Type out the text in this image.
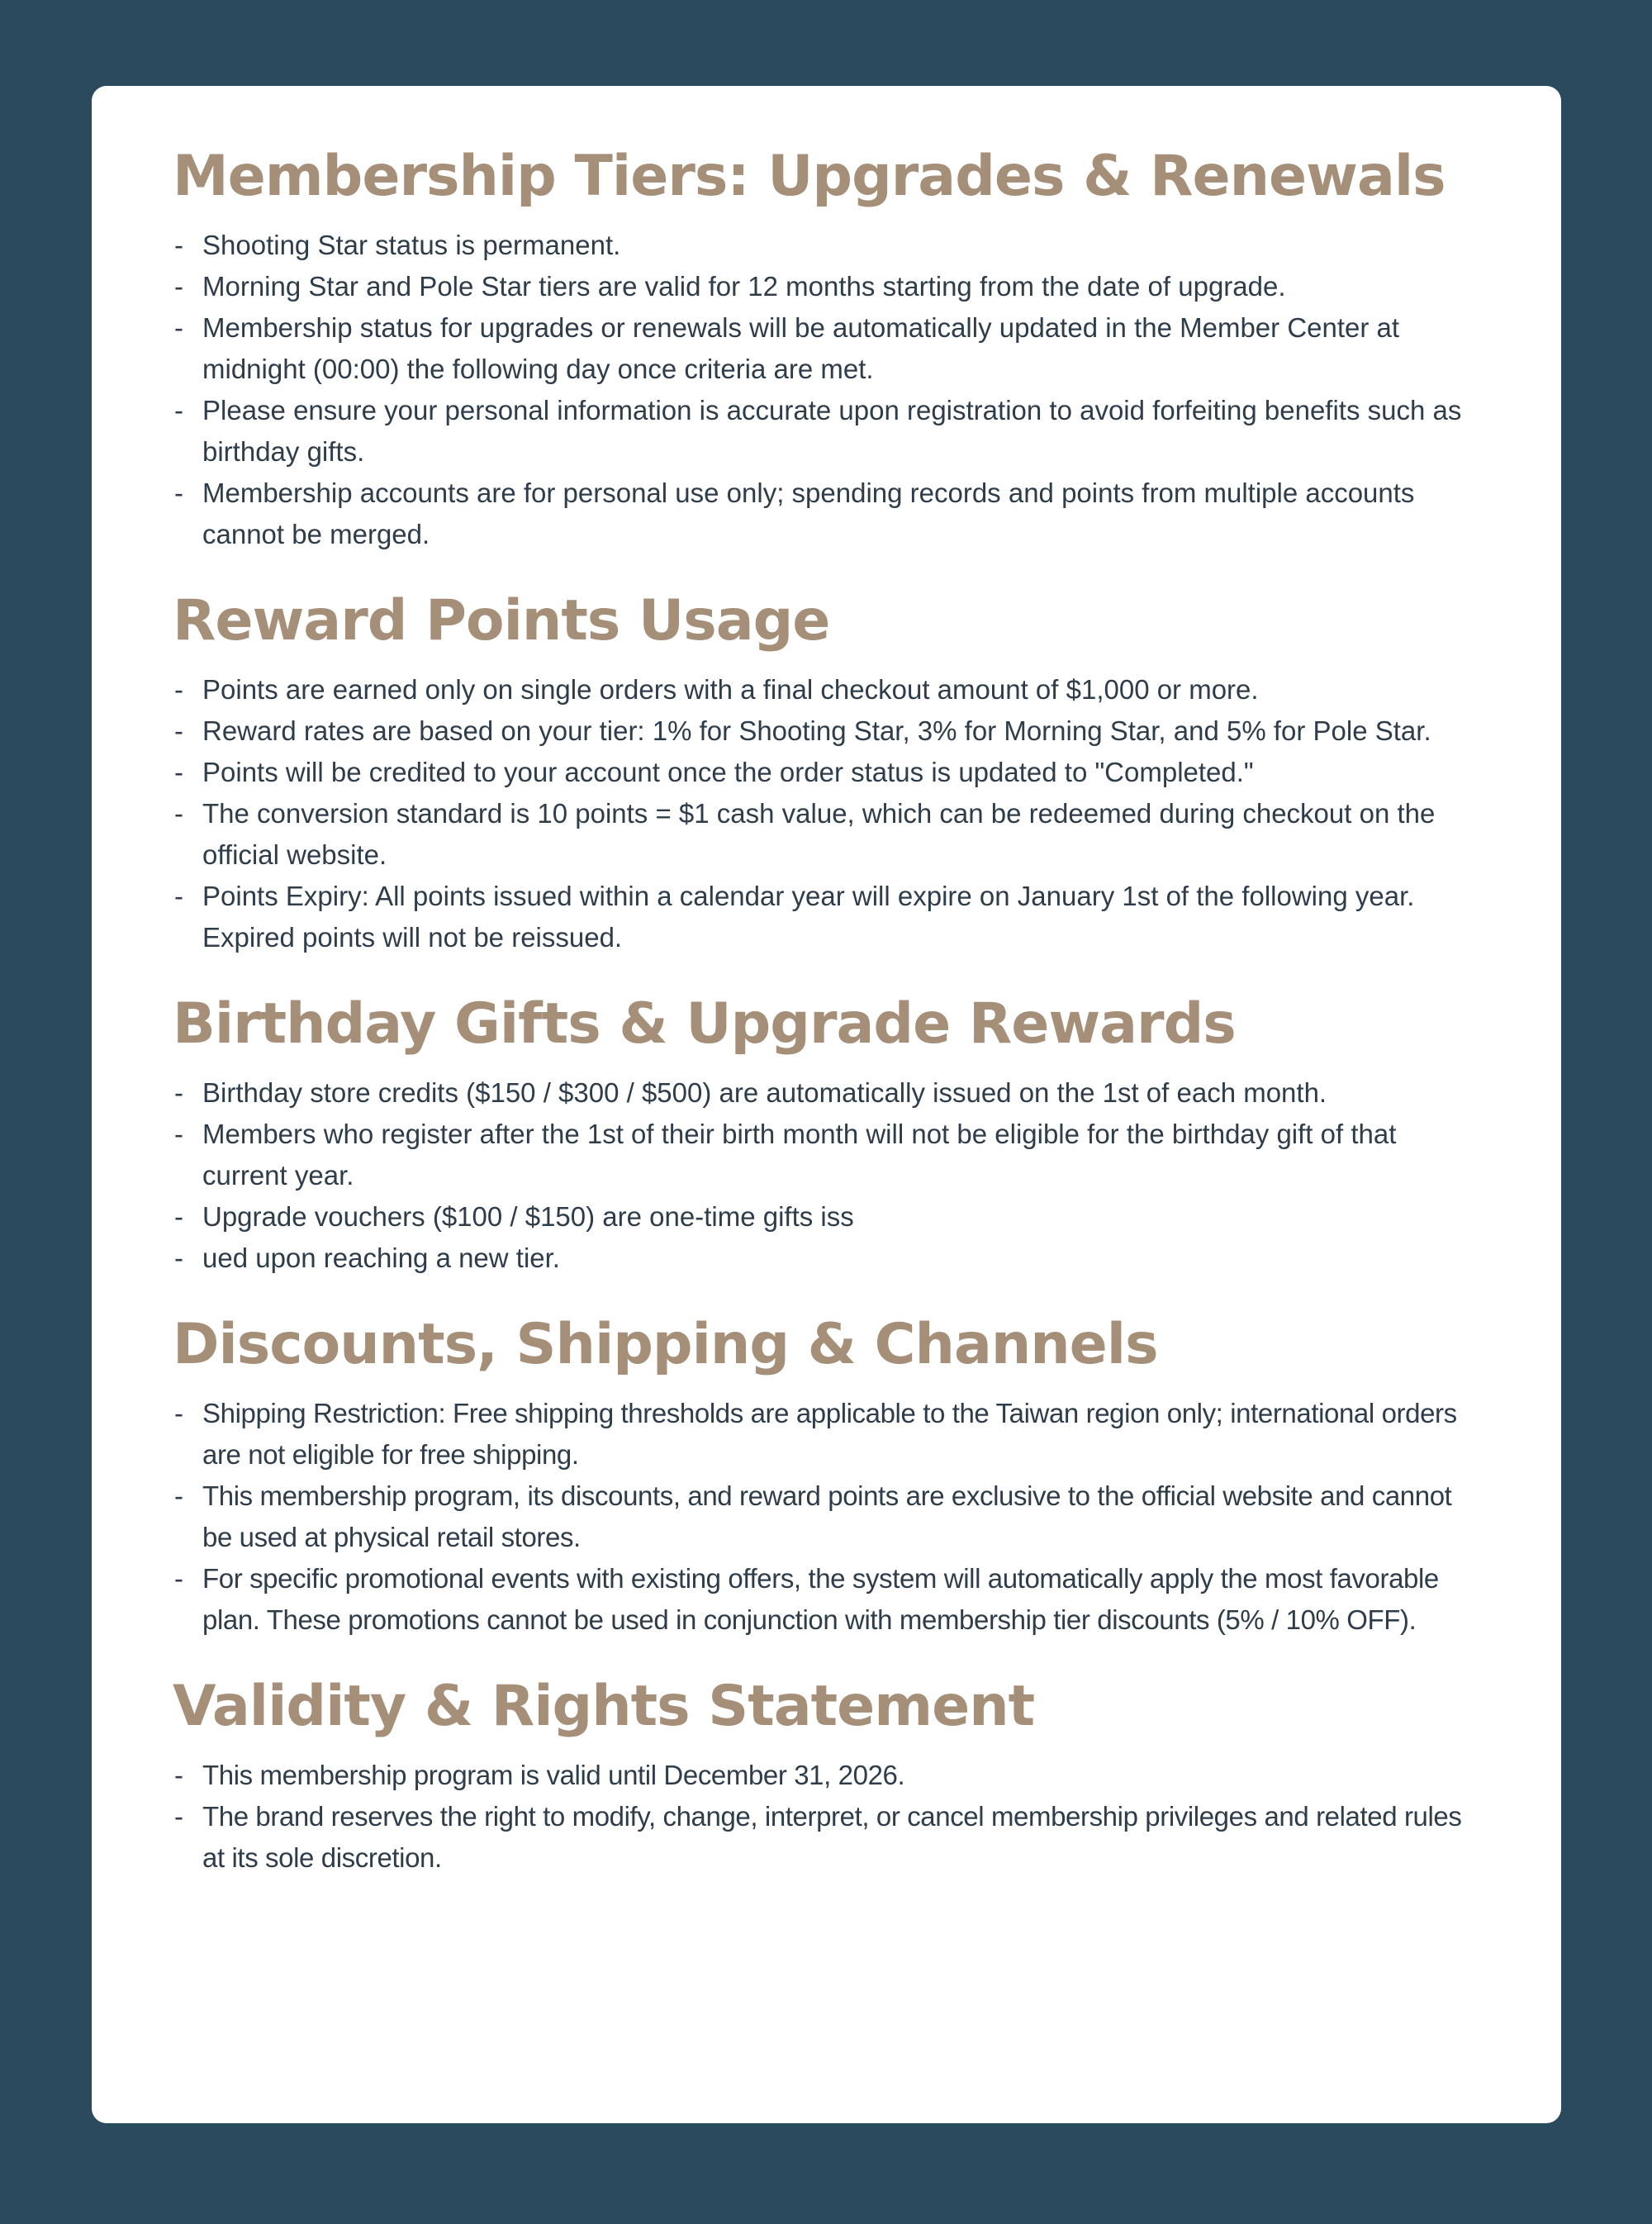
Membership Tiers: Upgrades & Renewals
- Shooting Star status is permanent.
- Morning Star and Pole Star tiers are valid for 12 months starting from the date of upgrade.
- Membership status for upgrades or renewals will be automatically updated in the Member Center at midnight (00:00) the following day once criteria are met.
- Please ensure your personal information is accurate upon registration to avoid forfeiting benefits such as birthday gifts.
- Membership accounts are for personal use only; spending records and points from multiple accounts cannot be merged.
Reward Points Usage
- Points are earned only on single orders with a final checkout amount of $1,000 or more.
- Reward rates are based on your tier: 1% for Shooting Star, 3% for Morning Star, and 5% for Pole Star.
- Points will be credited to your account once the order status is updated to "Completed."
- The conversion standard is 10 points = $1 cash value, which can be redeemed during checkout on the official website.
- Points Expiry: All points issued within a calendar year will expire on January 1st of the following year. Expired points will not be reissued.
Birthday Gifts & Upgrade Rewards
- Birthday store credits ($150 / $300 / $500) are automatically issued on the 1st of each month.
- Members who register after the 1st of their birth month will not be eligible for the birthday gift of that current year.
- Upgrade vouchers ($100 / $150) are one-time gifts iss
- ued upon reaching a new tier.
Discounts, Shipping & Channels
- Shipping Restriction: Free shipping thresholds are applicable to the Taiwan region only; international orders are not eligible for free shipping.
- This membership program, its discounts, and reward points are exclusive to the official website and cannot be used at physical retail stores.
- For specific promotional events with existing offers, the system will automatically apply the most favorable plan. These promotions cannot be used in conjunction with membership tier discounts (5% / 10% OFF).
Validity & Rights Statement
- This membership program is valid until December 31, 2026.
- The brand reserves the right to modify, change, interpret, or cancel membership privileges and related rules at its sole discretion.
